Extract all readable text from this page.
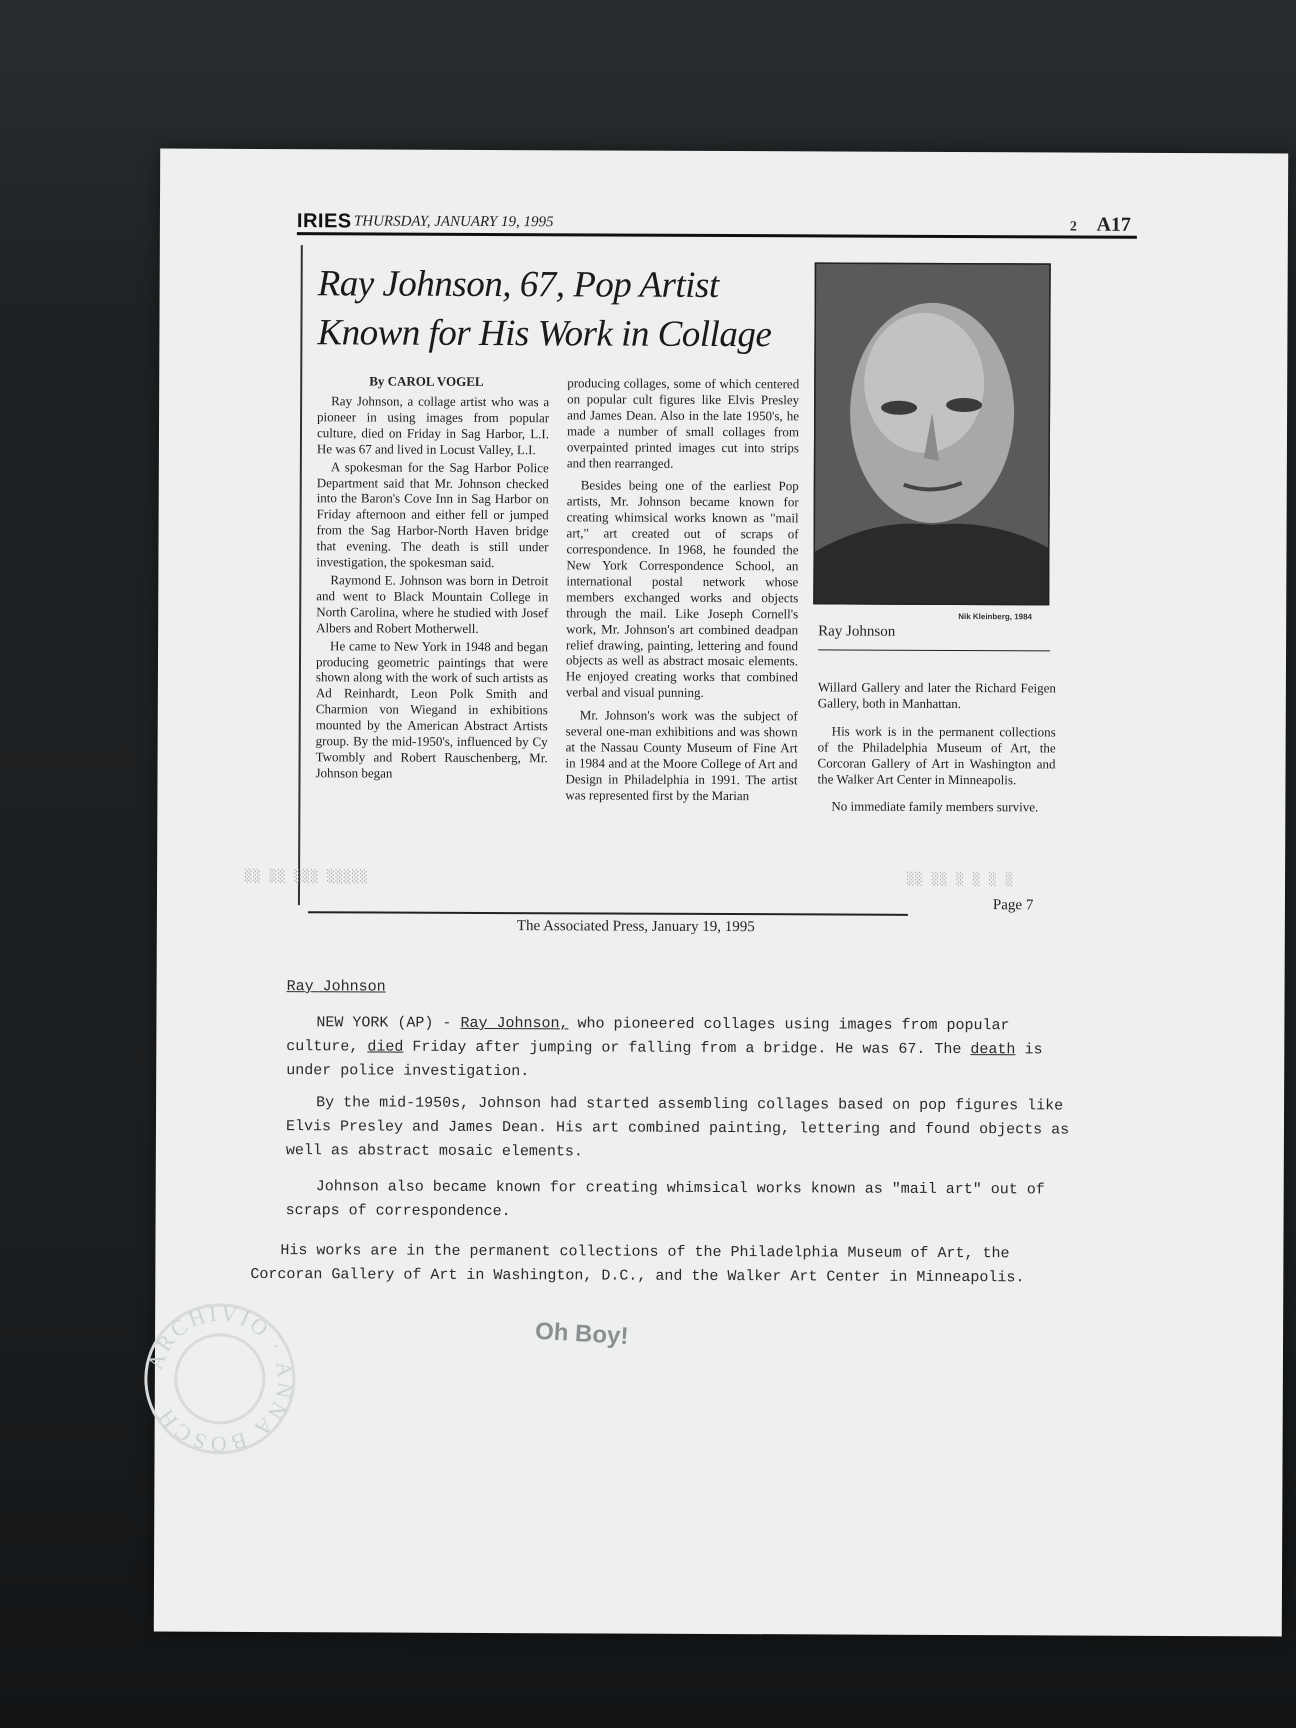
IRIES THURSDAY, JANUARY 19, 1995	2 A17
Ray Johnson, 67, Pop Artist
Known for His Work in Collage
By CAROL VOGEL

Ray Johnson, a collage artist who was a pioneer in using images from popular culture, died on Friday in Sag Harbor, L.I. He was 67 and lived in Locust Valley, L.I.

A spokesman for the Sag Harbor Police Department said that Mr. Johnson checked into the Baron's Cove Inn in Sag Harbor on Friday afternoon and either fell or jumped from the Sag Harbor-North Haven bridge that evening. The death is still under investigation, the spokesman said.

Raymond E. Johnson was born in Detroit and went to Black Mountain College in North Carolina, where he studied with Josef Albers and Robert Motherwell.

He came to New York in 1948 and began producing geometric paintings that were shown along with the work of such artists as Ad Reinhardt, Leon Polk Smith and Charmion von Wiegand in exhibitions mounted by the American Abstract Artists group. By the mid-1950's, influenced by Cy Twombly and Robert Rauschenberg, Mr. Johnson began

producing collages, some of which centered on popular cult figures like Elvis Presley and James Dean. Also in the late 1950's, he made a number of small collages from overpainted printed images cut into strips and then rearranged.

Besides being one of the earliest Pop artists, Mr. Johnson became known for creating whimsical works known as "mail art," art created out of scraps of correspondence. In 1968, he founded the New York Correspondence School, an international postal network whose members exchanged works and objects through the mail. Like Joseph Cornell's work, Mr. Johnson's art combined deadpan relief drawing, painting, lettering and found objects as well as abstract mosaic elements. He enjoyed creating works that combined verbal and visual punning.

Mr. Johnson's work was the subject of several one-man exhibitions and was shown at the Nassau County Museum of Fine Art in 1984 and at the Moore College of Art and Design in Philadelphia in 1991. The artist was represented first by the Marian

Nik Kleinberg, 1984
Ray Johnson

Willard Gallery and later the Richard Feigen Gallery, both in Manhattan.

His work is in the permanent collections of the Philadelphia Museum of Art, the Corcoran Gallery of Art in Washington and the Walker Art Center in Minneapolis.

No immediate family members survive.

░░ ░░ ░░░ ░░░░░	░░ ░░ ░ ░ ░ ░
Page 7
The Associated Press, January 19, 1995
Ray Johnson
NEW YORK (AP) - Ray Johnson, who pioneered collages using images from popular culture, died Friday after jumping or falling from a bridge. He was 67. The death is under police investigation.
By the mid-1950s, Johnson had started assembling collages based on pop figures like Elvis Presley and James Dean. His art combined painting, lettering and found objects as well as abstract mosaic elements.
Johnson also became known for creating whimsical works known as "mail art" out of scraps of correspondence.
His works are in the permanent collections of the Philadelphia Museum of Art, the Corcoran Gallery of Art in Washington, D.C., and the Walker Art Center in Minneapolis.
Oh Boy!
ARCHIVIO · ANNA BOSCH
